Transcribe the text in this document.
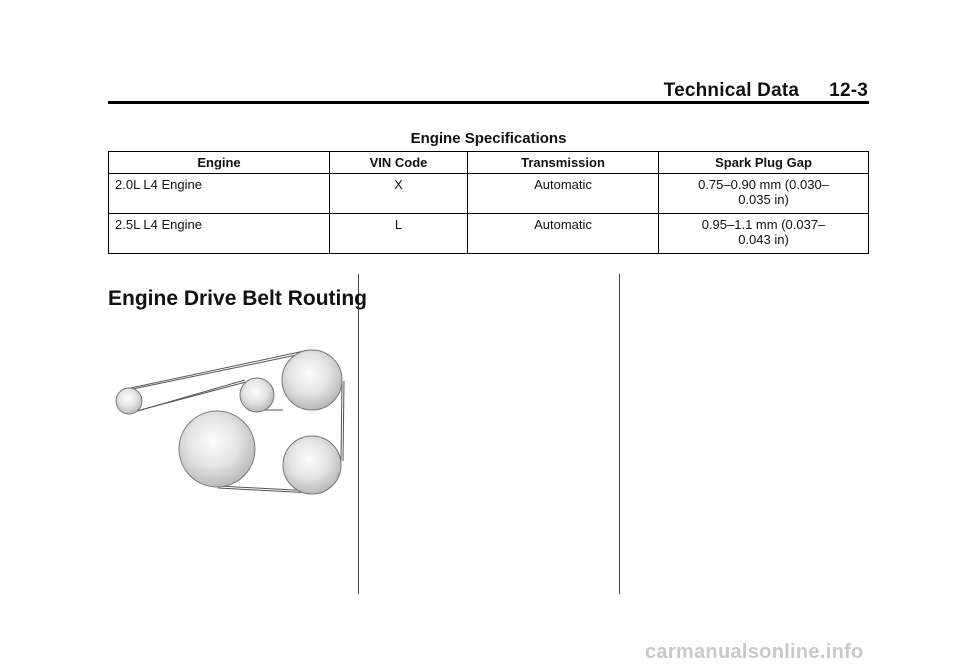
Technical Data 12-3
Engine Specifications
Engine	VIN Code	Transmission	Spark Plug Gap
2.0L L4 Engine	X	Automatic	0.75–0.90 mm (0.030–0.035 in)
2.5L L4 Engine	L	Automatic	0.95–1.1 mm (0.037–0.043 in)
Engine Drive Belt Routing
carmanualsonline.info
